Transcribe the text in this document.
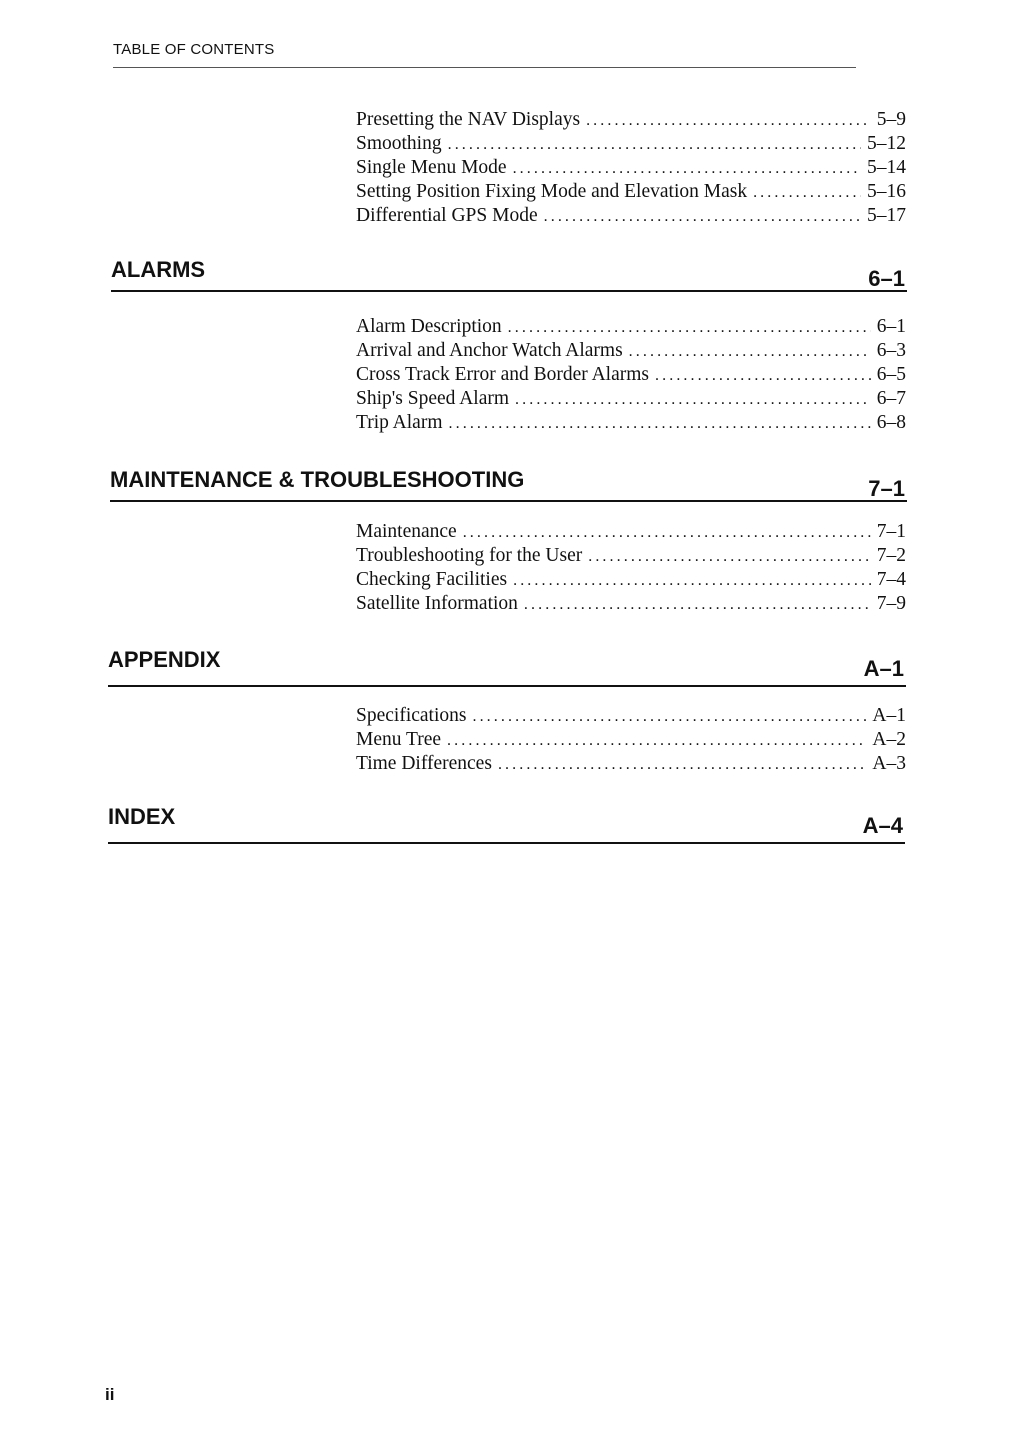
TABLE OF CONTENTS
Presetting the NAV Displays .....	5–9
Smoothing .....	5–12
Single Menu Mode .....	5–14
Setting Position Fixing Mode and Elevation Mask .....	5–16
Differential GPS Mode .....	5–17
ALARMS	6–1
Alarm Description .....	6–1
Arrival and Anchor Watch Alarms .....	6–3
Cross Track Error and Border Alarms .....	6–5
Ship's Speed Alarm .....	6–7
Trip Alarm .....	6–8
MAINTENANCE & TROUBLESHOOTING	7–1
Maintenance .....	7–1
Troubleshooting for the User .....	7–2
Checking Facilities .....	7–4
Satellite Information .....	7–9
APPENDIX	A–1
Specifications .....	A–1
Menu Tree .....	A–2
Time Differences .....	A–3
INDEX	A–4
ii
